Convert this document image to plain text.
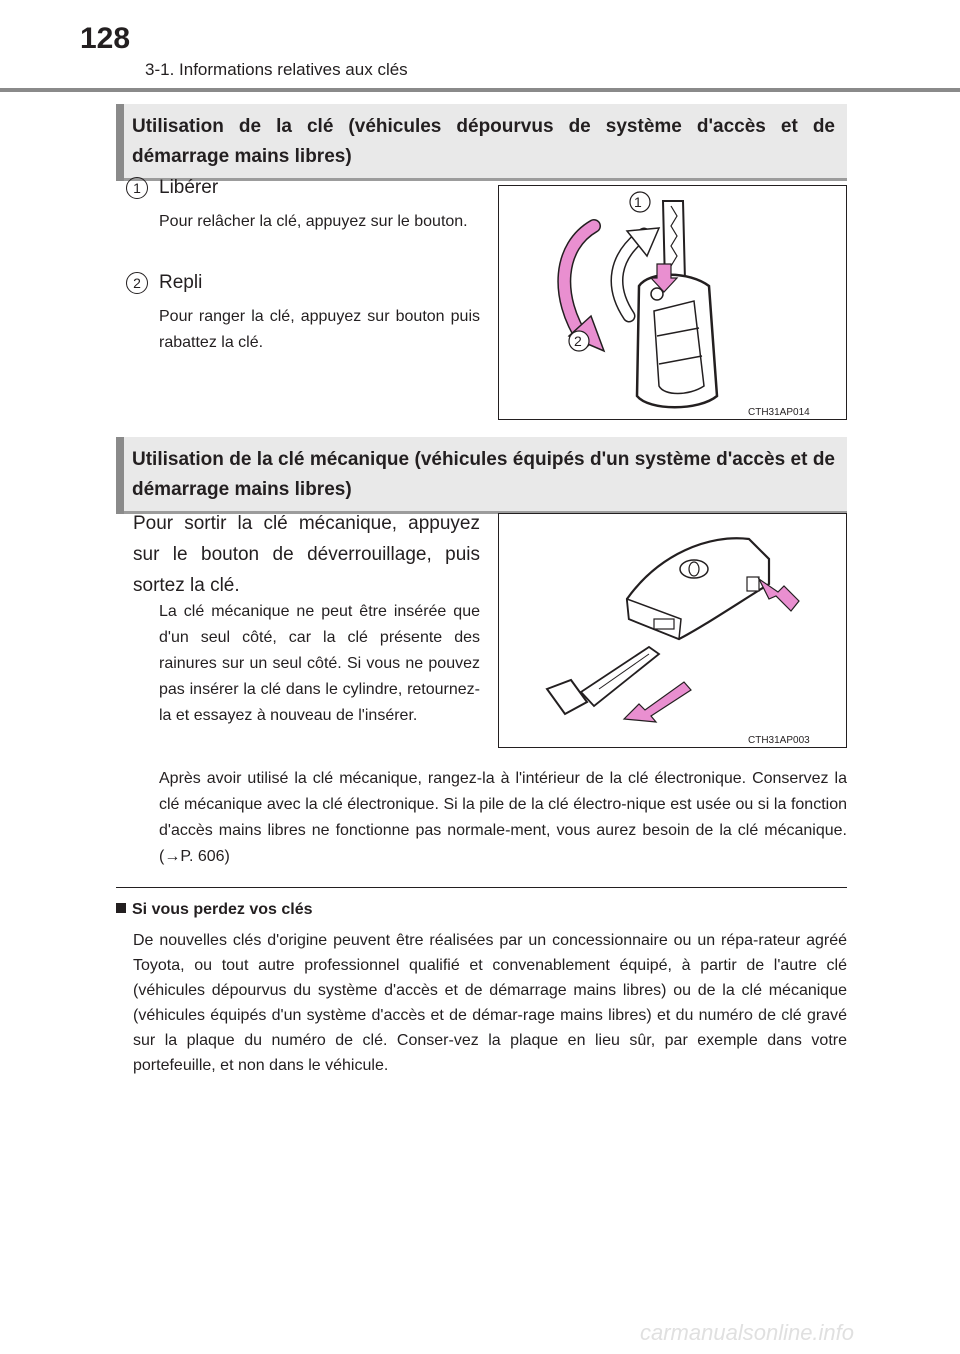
128
3-1. Informations relatives aux clés
Utilisation de la clé (véhicules dépourvus de système d'accès et de démarrage mains libres)
1 Libérer
Pour relâcher la clé, appuyez sur le bouton.
2 Repli
Pour ranger la clé, appuyez sur bouton puis rabattez la clé.
1
2
CTH31AP014
Utilisation de la clé mécanique (véhicules équipés d'un système d'accès et de démarrage mains libres)
Pour sortir la clé mécanique, appuyez sur le bouton de déverrouillage, puis sortez la clé.
La clé mécanique ne peut être insérée que d'un seul côté, car la clé présente des rainures sur un seul côté. Si vous ne pouvez pas insérer la clé dans le cylindre, retournez-la et essayez à nouveau de l'insérer.
Après avoir utilisé la clé mécanique, rangez-la à l'intérieur de la clé électronique. Conservez la clé mécanique avec la clé électronique. Si la pile de la clé électro-nique est usée ou si la fonction d'accès mains libres ne fonctionne pas normale-ment, vous aurez besoin de la clé mécanique. (→P. 606)
CTH31AP003
Si vous perdez vos clés
De nouvelles clés d'origine peuvent être réalisées par un concessionnaire ou un répa-rateur agréé Toyota, ou tout autre professionnel qualifié et convenablement équipé, à partir de l'autre clé (véhicules dépourvus du système d'accès et de démarrage mains libres) ou de la clé mécanique (véhicules équipés d'un système d'accès et de démar-rage mains libres) et du numéro de clé gravé sur la plaque du numéro de clé. Conser-vez la plaque en lieu sûr, par exemple dans votre portefeuille, et non dans le véhicule.
carmanualsonline.info
